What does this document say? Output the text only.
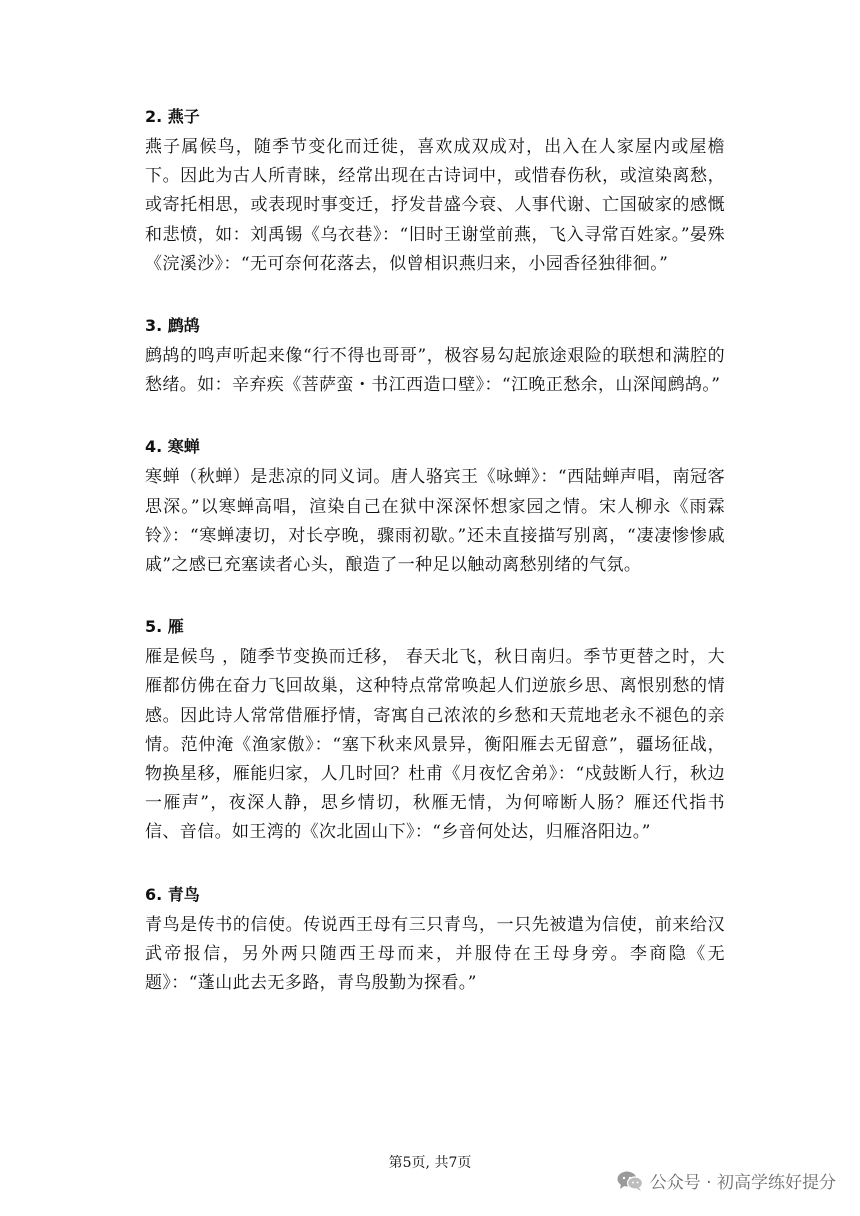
2. 燕子

燕子属候鸟，随季节变化而迁徙，喜欢成双成对，出入在人家屋内或屋檐下。因此为古人所青睐，经常出现在古诗词中，或惜春伤秋，或渲染离愁，或寄托相思，或表现时事变迁，抒发昔盛今衰、人事代谢、亡国破家的感慨和悲愤，如：刘禹锡《乌衣巷》：“旧时王谢堂前燕，飞入寻常百姓家。”晏殊《浣溪沙》：“无可奈何花落去，似曾相识燕归来，小园香径独徘徊。”

3. 鹧鸪

鹧鸪的鸣声听起来像“行不得也哥哥”，极容易勾起旅途艰险的联想和满腔的愁绪。如：辛弃疾《菩萨蛮・书江西造口壁》：“江晚正愁余，山深闻鹧鸪。”

4. 寒蝉

寒蝉（秋蝉）是悲凉的同义词。唐人骆宾王《咏蝉》：“西陆蝉声唱，南冠客思深。”以寒蝉高唱，渲染自己在狱中深深怀想家园之情。宋人柳永《雨霖铃》：“寒蝉凄切，对长亭晚，骤雨初歇。”还未直接描写别离，“凄凄惨惨戚戚”之感已充塞读者心头，酿造了一种足以触动离愁别绪的气氛。

5. 雁

雁是候鸟 ，随季节变换而迁移， 春天北飞，秋日南归。季节更替之时，大雁都仿佛在奋力飞回故巢，这种特点常常唤起人们逆旅乡思、离恨别愁的情感。因此诗人常常借雁抒情，寄寓自己浓浓的乡愁和天荒地老永不褪色的亲情。范仲淹《渔家傲》：“塞下秋来风景异，衡阳雁去无留意”，疆场征战，物换星移，雁能归家，人几时回？杜甫《月夜忆舍弟》：“戍鼓断人行，秋边一雁声”，夜深人静，思乡情切，秋雁无情，为何啼断人肠？雁还代指书信、音信。如王湾的《次北固山下》：“乡音何处达，归雁洛阳边。”

6. 青鸟

青鸟是传书的信使。传说西王母有三只青鸟，一只先被遣为信使，前来给汉武帝报信，另外两只随西王母而来，并服侍在王母身旁。李商隐《无题》：“蓬山此去无多路，青鸟殷勤为探看。”

第5页, 共7页
公众号 · 初高学练好提分
